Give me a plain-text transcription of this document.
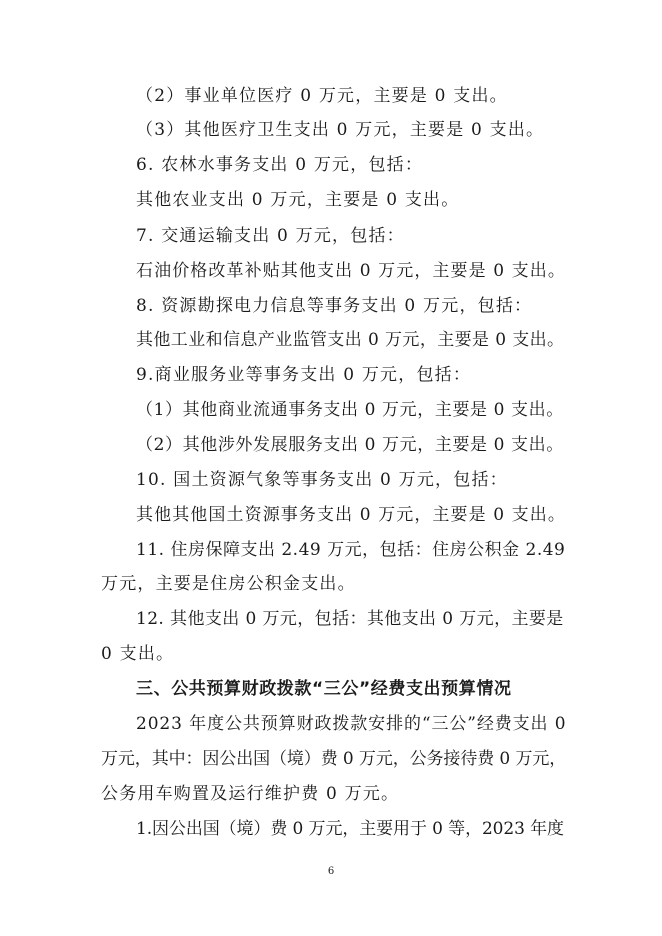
（2）事业单位医疗 0 万元，主要是 0 支出。
（3）其他医疗卫生支出 0 万元，主要是 0 支出。
6. 农林水事务支出 0 万元，包括：
其他农业支出 0 万元，主要是 0 支出。
7. 交通运输支出 0 万元，包括：
石油价格改革补贴其他支出 0 万元，主要是 0 支出。
8. 资源勘探电力信息等事务支出 0 万元，包括：
其他工业和信息产业监管支出 0 万元，主要是 0 支出。
9.商业服务业等事务支出 0 万元，包括：
（1）其他商业流通事务支出 0 万元，主要是 0 支出。
（2）其他涉外发展服务支出 0 万元，主要是 0 支出。
10. 国土资源气象等事务支出 0 万元，包括：
其他其他国土资源事务支出 0 万元，主要是 0 支出。
11. 住房保障支出 2.49 万元，包括：住房公积金 2.49
万元，主要是住房公积金支出。
12. 其他支出 0 万元，包括：其他支出 0 万元，主要是
0 支出。
三、公共预算财政拨款“三公”经费支出预算情况
2023 年度公共预算财政拨款安排的“三公”经费支出 0
万元，其中：因公出国（境）费 0 万元，公务接待费 0 万元，
公务用车购置及运行维护费 0 万元。
1.因公出国（境）费 0 万元，主要用于 0 等，2023 年度
6
